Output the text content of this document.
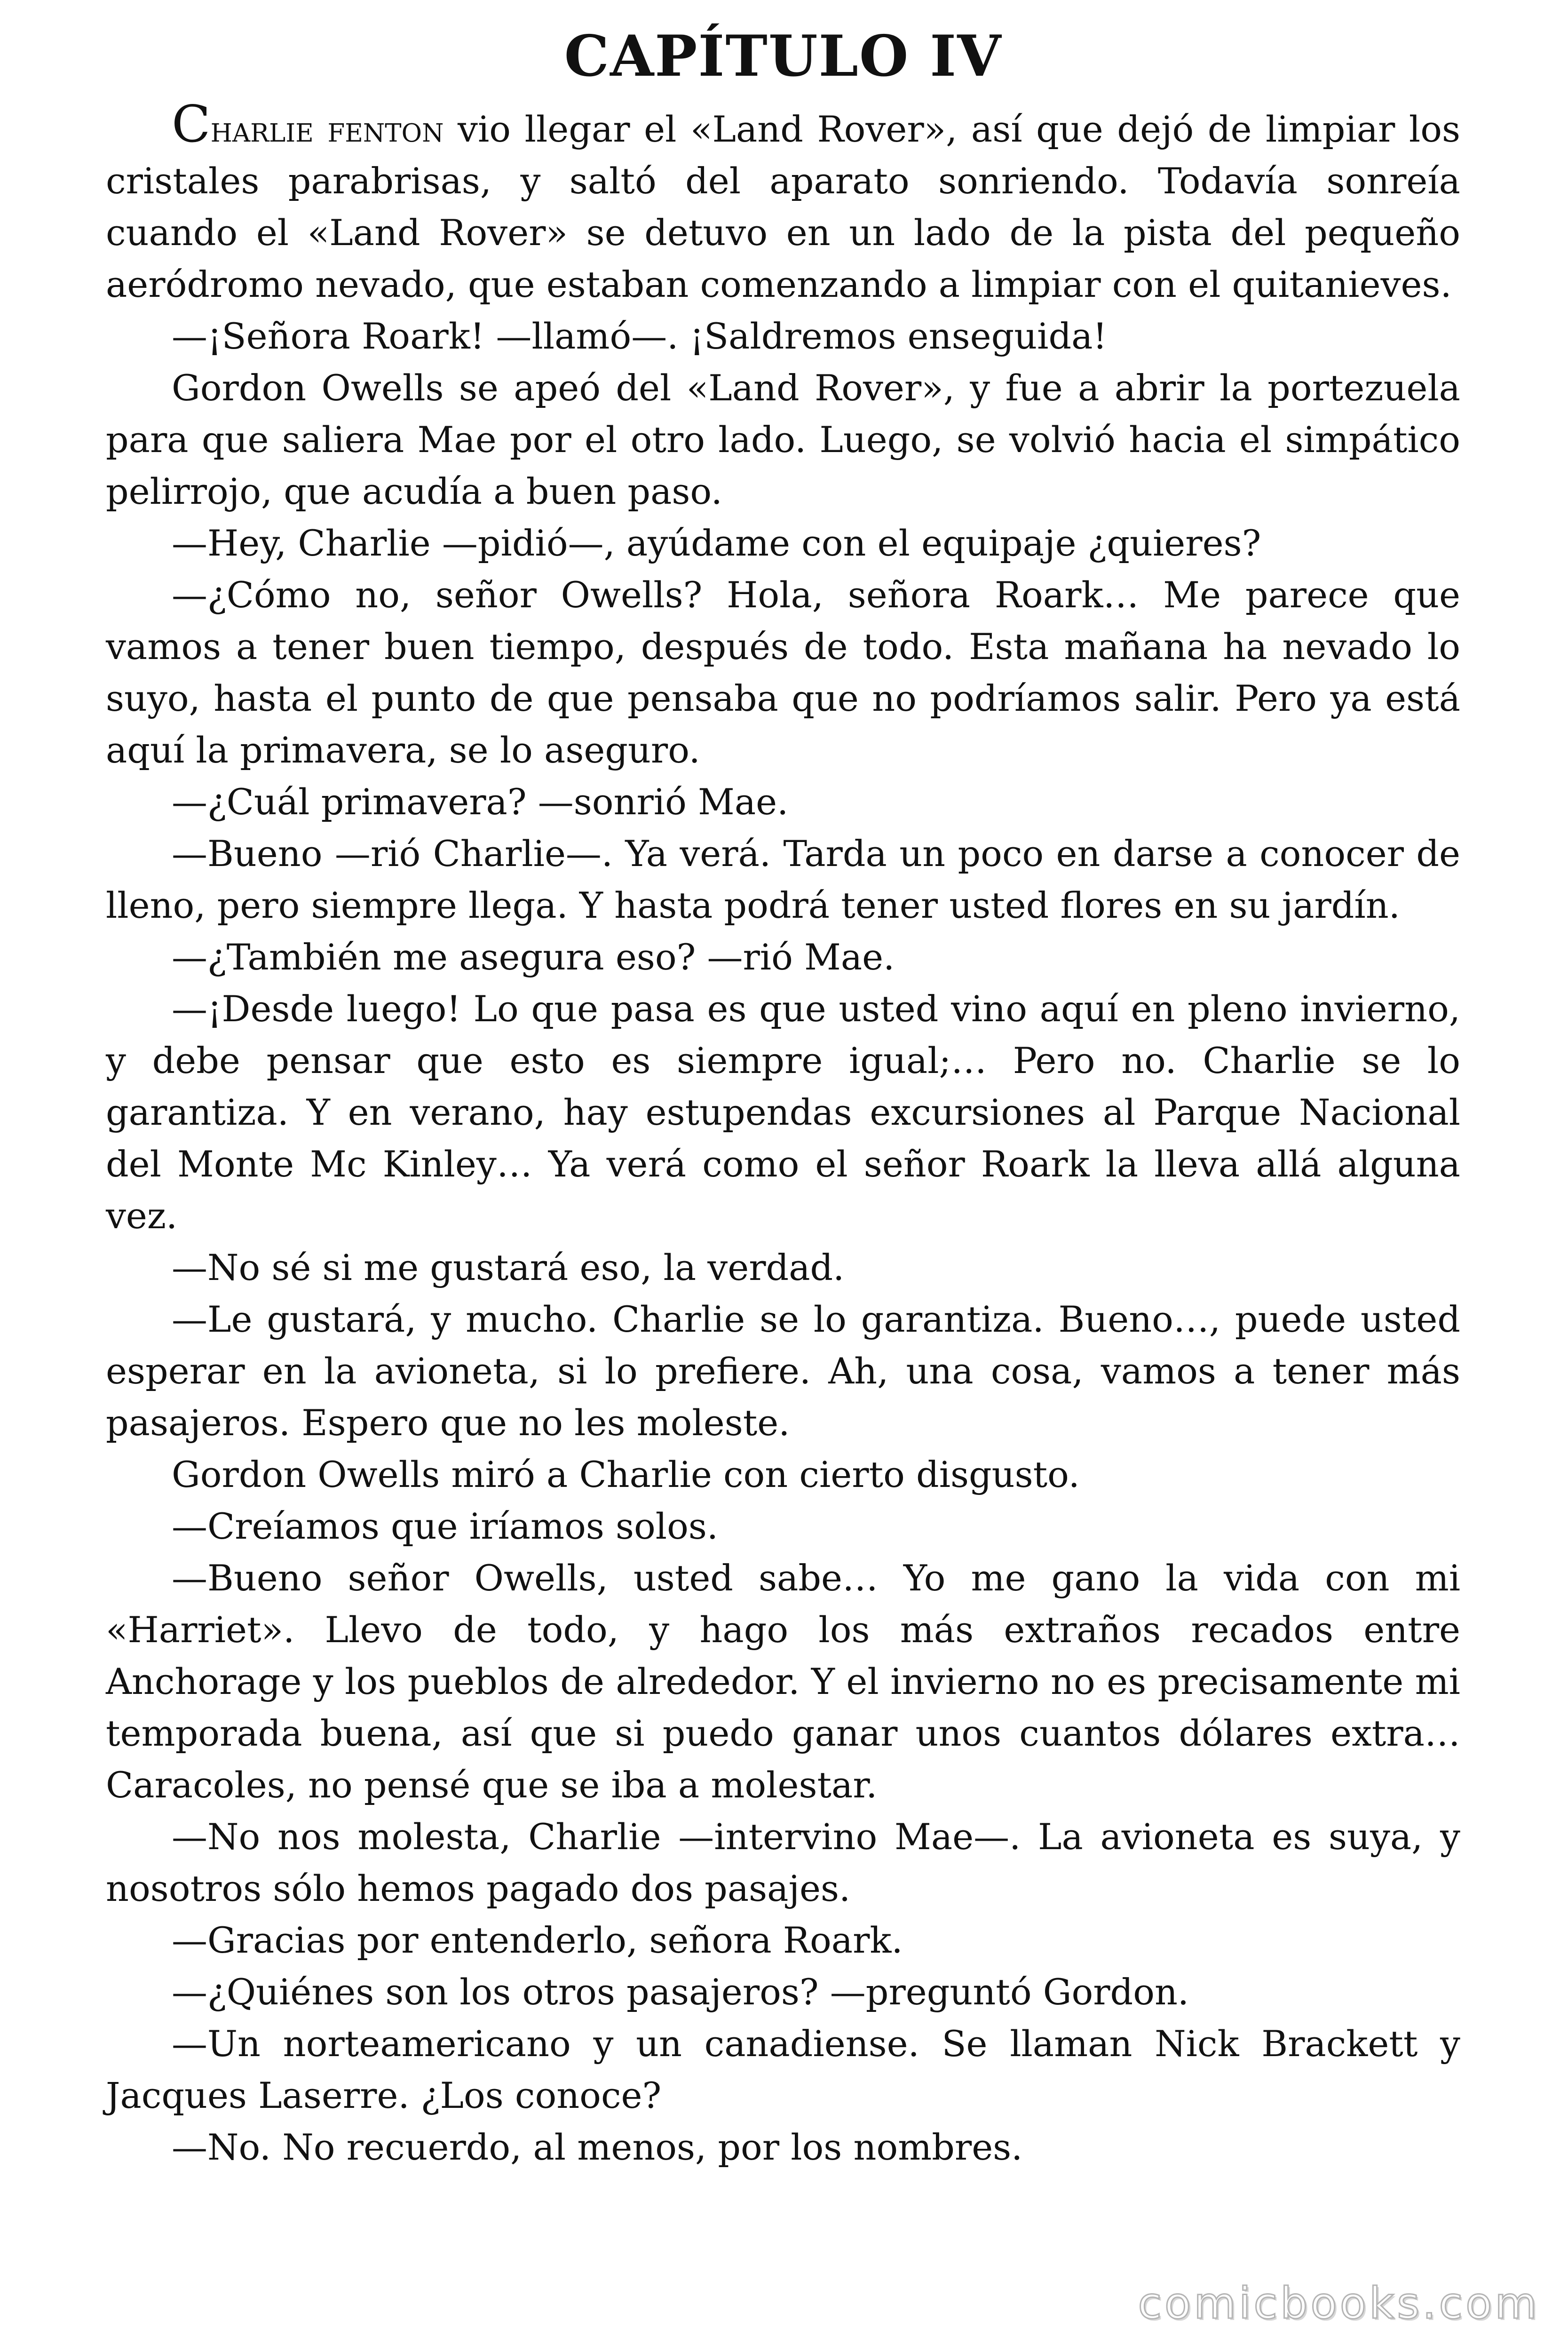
CAPÍTULO IV

Charlie fenton vio llegar el «Land Rover», así que dejó de limpiar los cristales parabrisas, y saltó del aparato sonriendo. Todavía sonreía cuando el «Land Rover» se detuvo en un lado de la pista del pequeño aeródromo nevado, que estaban comenzando a limpiar con el quitanieves.

—¡Señora Roark! —llamó—. ¡Saldremos enseguida!

Gordon Owells se apeó del «Land Rover», y fue a abrir la portezuela para que saliera Mae por el otro lado. Luego, se volvió hacia el simpático pelirrojo, que acudía a buen paso.

—Hey, Charlie —pidió—, ayúdame con el equipaje ¿quieres?

—¿Cómo no, señor Owells? Hola, señora Roark… Me parece que vamos a tener buen tiempo, después de todo. Esta mañana ha nevado lo suyo, hasta el punto de que pensaba que no podríamos salir. Pero ya está aquí la primavera, se lo aseguro.

—¿Cuál primavera? —sonrió Mae.

—Bueno —rió Charlie—. Ya verá. Tarda un poco en darse a conocer de lleno, pero siempre llega. Y hasta podrá tener usted flores en su jardín.

—¿También me asegura eso? —rió Mae.

—¡Desde luego! Lo que pasa es que usted vino aquí en pleno invierno, y debe pensar que esto es siempre igual;… Pero no. Charlie se lo garantiza. Y en verano, hay estupendas excursiones al Parque Nacional del Monte Mc Kinley… Ya verá como el señor Roark la lleva allá alguna vez.

—No sé si me gustará eso, la verdad.

—Le gustará, y mucho. Charlie se lo garantiza. Bueno…, puede usted esperar en la avioneta, si lo prefiere. Ah, una cosa, vamos a tener más pasajeros. Espero que no les moleste.

Gordon Owells miró a Charlie con cierto disgusto.

—Creíamos que iríamos solos.

—Bueno señor Owells, usted sabe… Yo me gano la vida con mi «Harriet». Llevo de todo, y hago los más extraños recados entre Anchorage y los pueblos de alrededor. Y el invierno no es precisamente mi temporada buena, así que si puedo ganar unos cuantos dólares extra… Caracoles, no pensé que se iba a molestar.

—No nos molesta, Charlie —intervino Mae—. La avioneta es suya, y nosotros sólo hemos pagado dos pasajes.

—Gracias por entenderlo, señora Roark.

—¿Quiénes son los otros pasajeros? —preguntó Gordon.

—Un norteamericano y un canadiense. Se llaman Nick Brackett y Jacques Laserre. ¿Los conoce?

—No. No recuerdo, al menos, por los nombres.

comicbooks.com
